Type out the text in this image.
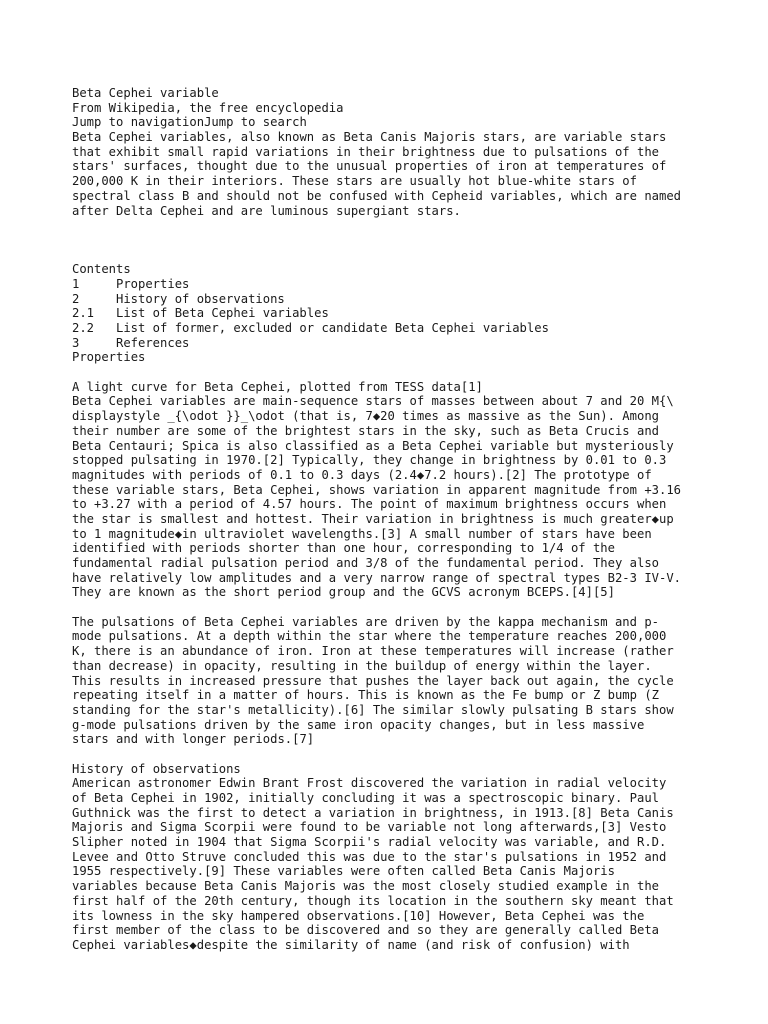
Beta Cephei variable
From Wikipedia, the free encyclopedia
Jump to navigationJump to search
Beta Cephei variables, also known as Beta Canis Majoris stars, are variable stars
that exhibit small rapid variations in their brightness due to pulsations of the
stars' surfaces, thought due to the unusual properties of iron at temperatures of
200,000 K in their interiors. These stars are usually hot blue-white stars of
spectral class B and should not be confused with Cepheid variables, which are named
after Delta Cephei and are luminous supergiant stars.
Contents
1	Properties
2	History of observations
2.1 List of Beta Cephei variables
2.2 List of former, excluded or candidate Beta Cephei variables
3	References
Properties
A light curve for Beta Cephei, plotted from TESS data[1]
Beta Cephei variables are main-sequence stars of masses between about 7 and 20 M{\
displaystyle _{\odot }}_\odot (that is, 7◆20 times as massive as the Sun). Among
their number are some of the brightest stars in the sky, such as Beta Crucis and
Beta Centauri; Spica is also classified as a Beta Cephei variable but mysteriously
stopped pulsating in 1970.[2] Typically, they change in brightness by 0.01 to 0.3
magnitudes with periods of 0.1 to 0.3 days (2.4◆7.2 hours).[2] The prototype of
these variable stars, Beta Cephei, shows variation in apparent magnitude from +3.16
to +3.27 with a period of 4.57 hours. The point of maximum brightness occurs when
the star is smallest and hottest. Their variation in brightness is much greater◆up
to 1 magnitude◆in ultraviolet wavelengths.[3] A small number of stars have been
identified with periods shorter than one hour, corresponding to 1/4 of the
fundamental radial pulsation period and 3/8 of the fundamental period. They also
have relatively low amplitudes and a very narrow range of spectral types B2-3 IV-V.
They are known as the short period group and the GCVS acronym BCEPS.[4][5]
The pulsations of Beta Cephei variables are driven by the kappa mechanism and p-
mode pulsations. At a depth within the star where the temperature reaches 200,000
K, there is an abundance of iron. Iron at these temperatures will increase (rather
than decrease) in opacity, resulting in the buildup of energy within the layer.
This results in increased pressure that pushes the layer back out again, the cycle
repeating itself in a matter of hours. This is known as the Fe bump or Z bump (Z
standing for the star's metallicity).[6] The similar slowly pulsating B stars show
g-mode pulsations driven by the same iron opacity changes, but in less massive
stars and with longer periods.[7]
History of observations
American astronomer Edwin Brant Frost discovered the variation in radial velocity
of Beta Cephei in 1902, initially concluding it was a spectroscopic binary. Paul
Guthnick was the first to detect a variation in brightness, in 1913.[8] Beta Canis
Majoris and Sigma Scorpii were found to be variable not long afterwards,[3] Vesto
Slipher noted in 1904 that Sigma Scorpii's radial velocity was variable, and R.D.
Levee and Otto Struve concluded this was due to the star's pulsations in 1952 and
1955 respectively.[9] These variables were often called Beta Canis Majoris
variables because Beta Canis Majoris was the most closely studied example in the
first half of the 20th century, though its location in the southern sky meant that
its lowness in the sky hampered observations.[10] However, Beta Cephei was the
first member of the class to be discovered and so they are generally called Beta
Cephei variables◆despite the similarity of name (and risk of confusion) with
